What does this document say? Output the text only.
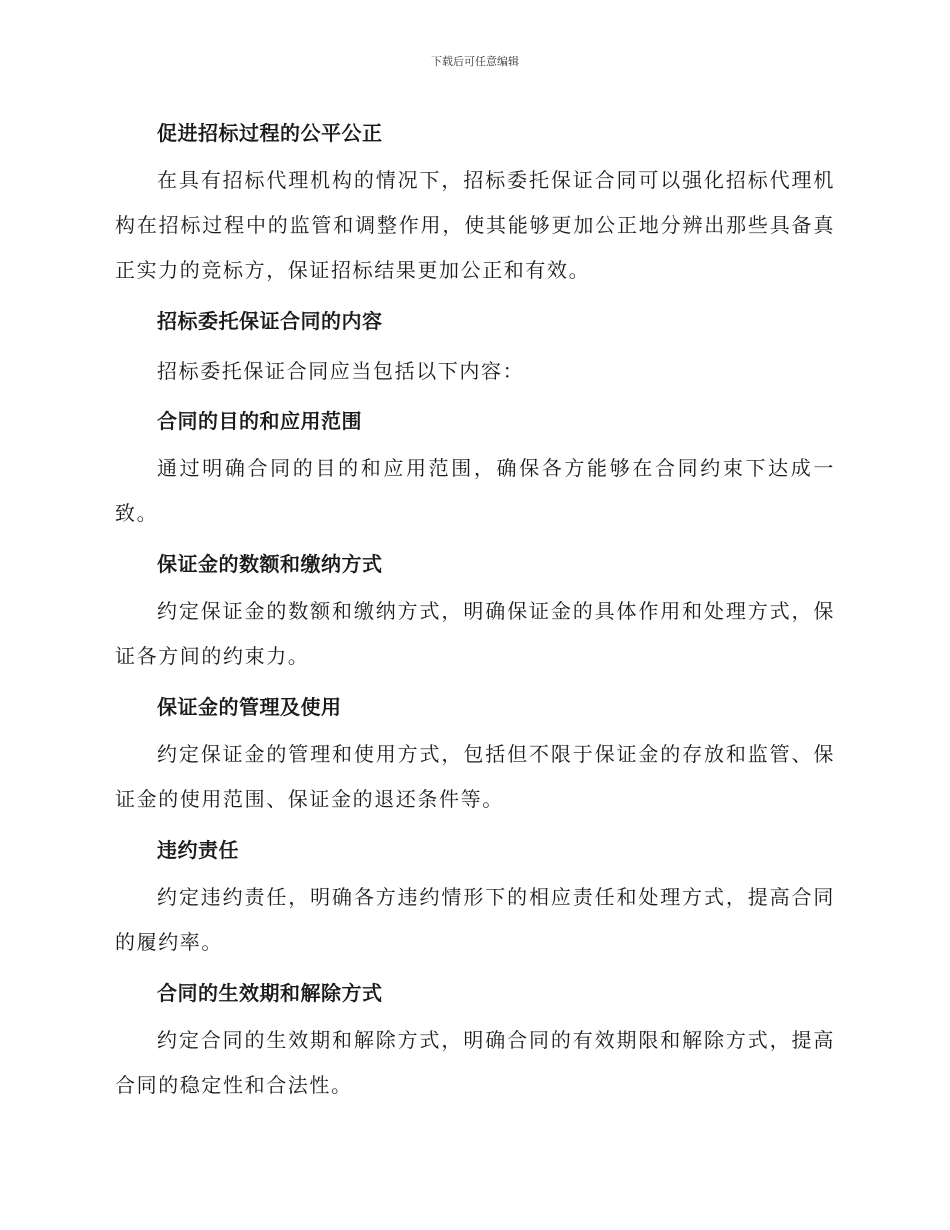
下载后可任意编辑
促进招标过程的公平公正

在具有招标代理机构的情况下，招标委托保证合同可以强化招标代理机构在招标过程中的监管和调整作用，使其能够更加公正地分辨出那些具备真正实力的竞标方，保证招标结果更加公正和有效。

招标委托保证合同的内容

招标委托保证合同应当包括以下内容：

合同的目的和应用范围

通过明确合同的目的和应用范围，确保各方能够在合同约束下达成一致。

保证金的数额和缴纳方式

约定保证金的数额和缴纳方式，明确保证金的具体作用和处理方式，保证各方间的约束力。

保证金的管理及使用

约定保证金的管理和使用方式，包括但不限于保证金的存放和监管、保证金的使用范围、保证金的退还条件等。

违约责任

约定违约责任，明确各方违约情形下的相应责任和处理方式，提高合同的履约率。

合同的生效期和解除方式

约定合同的生效期和解除方式，明确合同的有效期限和解除方式，提高合同的稳定性和合法性。
